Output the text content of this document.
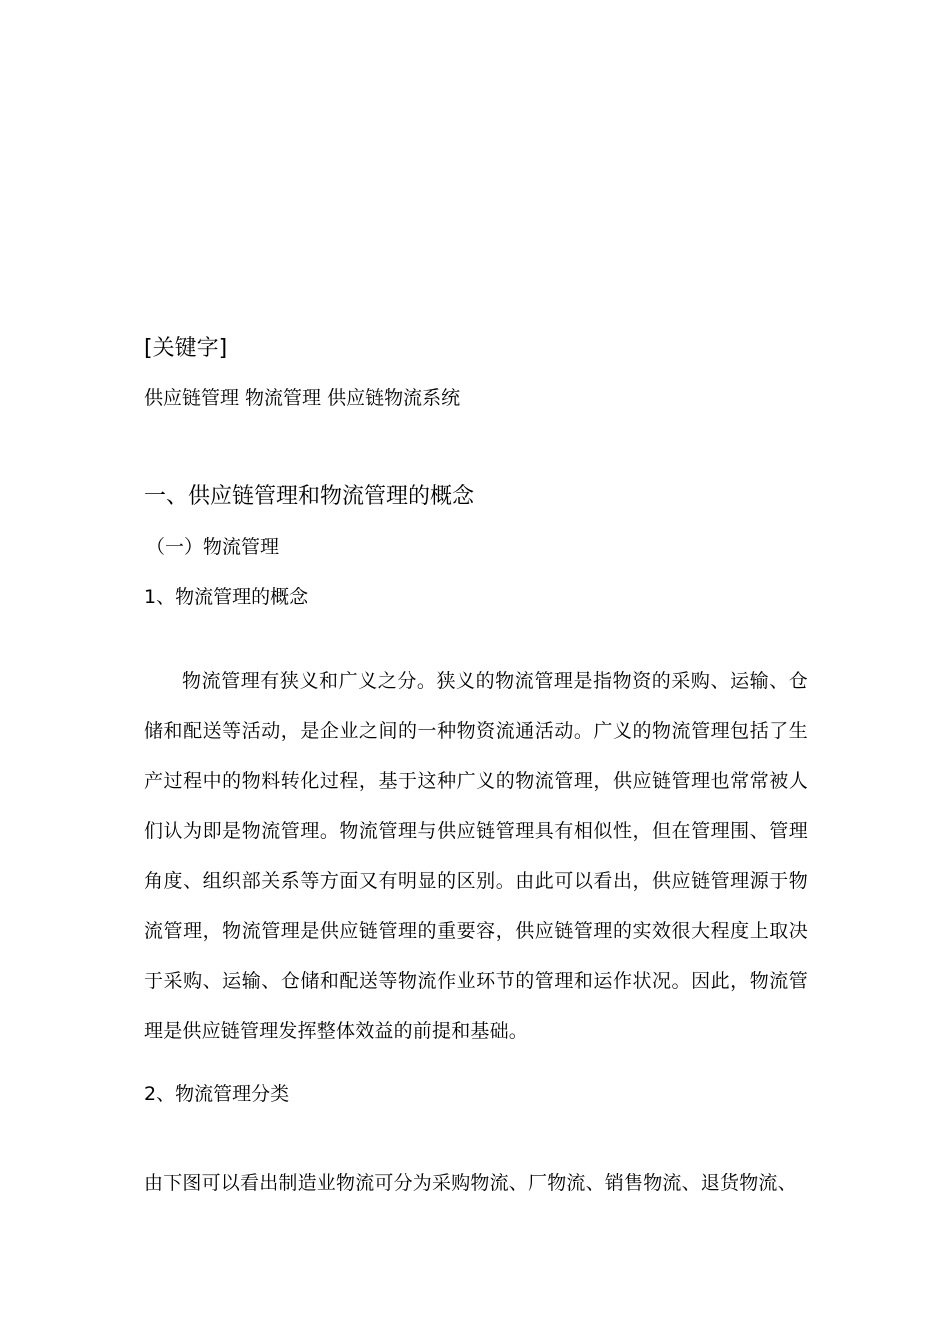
[关键字]
供应链管理 物流管理 供应链物流系统
一、供应链管理和物流管理的概念
（一）物流管理
1、物流管理的概念

物流管理有狭义和广义之分。狭义的物流管理是指物资的采购、运输、仓储和配送等活动，是企业之间的一种物资流通活动。广义的物流管理包括了生产过程中的物料转化过程，基于这种广义的物流管理，供应链管理也常常被人们认为即是物流管理。物流管理与供应链管理具有相似性，但在管理围、管理角度、组织部关系等方面又有明显的区别。由此可以看出，供应链管理源于物流管理，物流管理是供应链管理的重要容，供应链管理的实效很大程度上取决于采购、运输、仓储和配送等物流作业环节的管理和运作状况。因此，物流管理是供应链管理发挥整体效益的前提和基础。

2、物流管理分类

由下图可以看出制造业物流可分为采购物流、厂物流、销售物流、退货物流、
